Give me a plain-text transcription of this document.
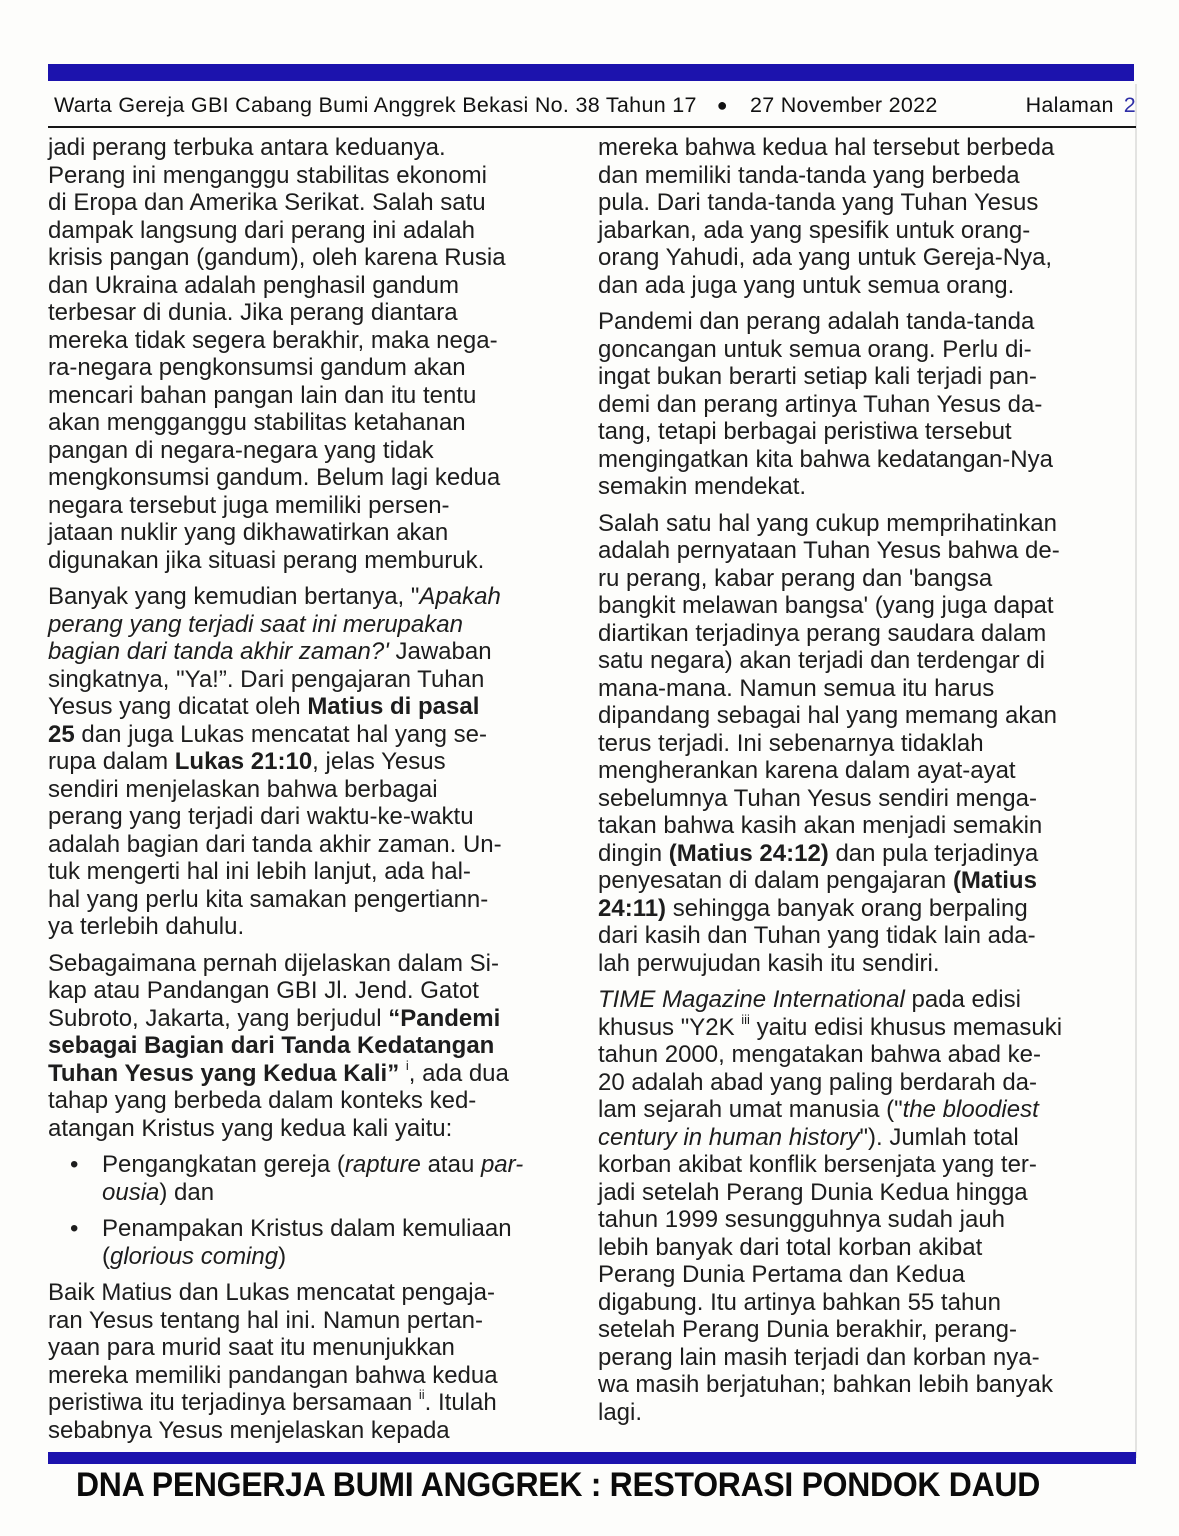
Warta Gereja GBI Cabang Bumi Anggrek Bekasi No. 38 Tahun 17 ● 27 November 2022	Halaman 2

jadi perang terbuka antara keduanya.
Perang ini menganggu stabilitas ekonomi
di Eropa dan Amerika Serikat. Salah satu
dampak langsung dari perang ini adalah
krisis pangan (gandum), oleh karena Rusia
dan Ukraina adalah penghasil gandum
terbesar di dunia. Jika perang diantara
mereka tidak segera berakhir, maka nega-
ra-negara pengkonsumsi gandum akan
mencari bahan pangan lain dan itu tentu
akan mengganggu stabilitas ketahanan
pangan di negara-negara yang tidak
mengkonsumsi gandum. Belum lagi kedua
negara tersebut juga memiliki persen-
jataan nuklir yang dikhawatirkan akan
digunakan jika situasi perang memburuk.

Banyak yang kemudian bertanya, "Apakah
perang yang terjadi saat ini merupakan
bagian dari tanda akhir zaman?' Jawaban
singkatnya, "Ya!”. Dari pengajaran Tuhan
Yesus yang dicatat oleh Matius di pasal
25 dan juga Lukas mencatat hal yang se-
rupa dalam Lukas 21:10, jelas Yesus
sendiri menjelaskan bahwa berbagai
perang yang terjadi dari waktu-ke-waktu
adalah bagian dari tanda akhir zaman. Un-
tuk mengerti hal ini lebih lanjut, ada hal-
hal yang perlu kita samakan pengertiann-
ya terlebih dahulu.

Sebagaimana pernah dijelaskan dalam Si-
kap atau Pandangan GBI Jl. Jend. Gatot
Subroto, Jakarta, yang berjudul “Pandemi
sebagai Bagian dari Tanda Kedatangan
Tuhan Yesus yang Kedua Kali” $^i$, ada dua
tahap yang berbeda dalam konteks ked-
atangan Kristus yang kedua kali yaitu:

• Pengangkatan gereja (rapture atau par-
ousia) dan
• Penampakan Kristus dalam kemuliaan
(glorious coming)

Baik Matius dan Lukas mencatat pengaja-
ran Yesus tentang hal ini. Namun pertan-
yaan para murid saat itu menunjukkan
mereka memiliki pandangan bahwa kedua
peristiwa itu terjadinya bersamaan $^{ii}$. Itulah
sebabnya Yesus menjelaskan kepada

mereka bahwa kedua hal tersebut berbeda
dan memiliki tanda-tanda yang berbeda
pula. Dari tanda-tanda yang Tuhan Yesus
jabarkan, ada yang spesifik untuk orang-
orang Yahudi, ada yang untuk Gereja-Nya,
dan ada juga yang untuk semua orang.

Pandemi dan perang adalah tanda-tanda
goncangan untuk semua orang. Perlu di-
ingat bukan berarti setiap kali terjadi pan-
demi dan perang artinya Tuhan Yesus da-
tang, tetapi berbagai peristiwa tersebut
mengingatkan kita bahwa kedatangan-Nya
semakin mendekat.

Salah satu hal yang cukup memprihatinkan
adalah pernyataan Tuhan Yesus bahwa de-
ru perang, kabar perang dan 'bangsa
bangkit melawan bangsa' (yang juga dapat
diartikan terjadinya perang saudara dalam
satu negara) akan terjadi dan terdengar di
mana-mana. Namun semua itu harus
dipandang sebagai hal yang memang akan
terus terjadi. Ini sebenarnya tidaklah
mengherankan karena dalam ayat-ayat
sebelumnya Tuhan Yesus sendiri menga-
takan bahwa kasih akan menjadi semakin
dingin (Matius 24:12) dan pula terjadinya
penyesatan di dalam pengajaran (Matius
24:11) sehingga banyak orang berpaling
dari kasih dan Tuhan yang tidak lain ada-
lah perwujudan kasih itu sendiri.

TIME Magazine International pada edisi
khusus "Y2K $^{iii}$ yaitu edisi khusus memasuki
tahun 2000, mengatakan bahwa abad ke-
20 adalah abad yang paling berdarah da-
lam sejarah umat manusia ("the bloodiest
century in human history"). Jumlah total
korban akibat konflik bersenjata yang ter-
jadi setelah Perang Dunia Kedua hingga
tahun 1999 sesungguhnya sudah jauh
lebih banyak dari total korban akibat
Perang Dunia Pertama dan Kedua
digabung. Itu artinya bahkan 55 tahun
setelah Perang Dunia berakhir, perang-
perang lain masih terjadi dan korban nya-
wa masih berjatuhan; bahkan lebih banyak
lagi.

DNA PENGERJA BUMI ANGGREK : RESTORASI PONDOK DAUD
